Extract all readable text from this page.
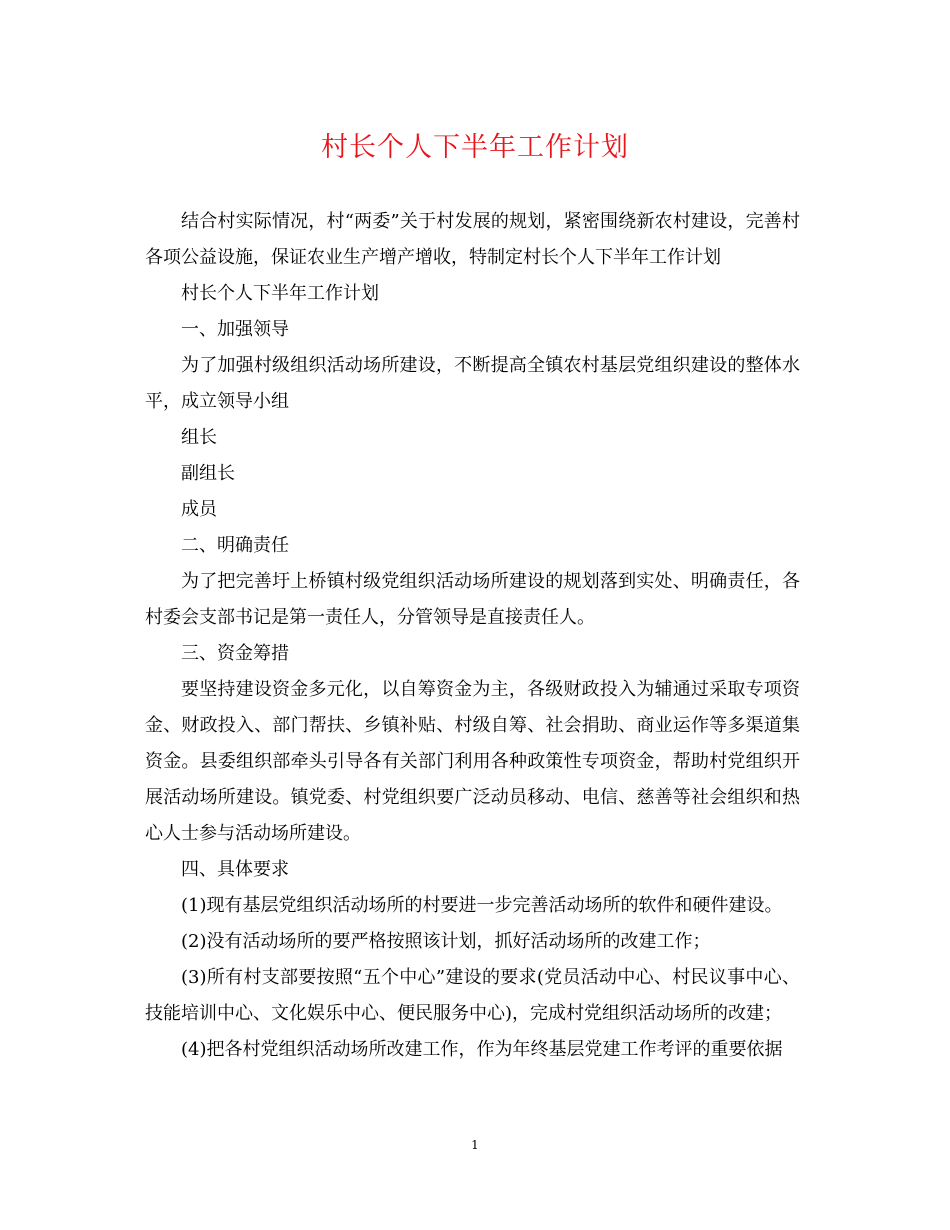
村长个人下半年工作计划

结合村实际情况，村“两委”关于村发展的规划，紧密围绕新农村建设，完善村各项公益设施，保证农业生产增产增收，特制定村长个人下半年工作计划

村长个人下半年工作计划

一、加强领导

为了加强村级组织活动场所建设，不断提高全镇农村基层党组织建设的整体水平，成立领导小组

组长

副组长

成员

二、明确责任

为了把完善圩上桥镇村级党组织活动场所建设的规划落到实处、明确责任，各村委会支部书记是第一责任人，分管领导是直接责任人。

三、资金筹措

要坚持建设资金多元化，以自筹资金为主，各级财政投入为辅通过采取专项资金、财政投入、部门帮扶、乡镇补贴、村级自筹、社会捐助、商业运作等多渠道集资金。县委组织部牵头引导各有关部门利用各种政策性专项资金，帮助村党组织开展活动场所建设。镇党委、村党组织要广泛动员移动、电信、慈善等社会组织和热心人士参与活动场所建设。

四、具体要求

(1)现有基层党组织活动场所的村要进一步完善活动场所的软件和硬件建设。

(2)没有活动场所的要严格按照该计划，抓好活动场所的改建工作；

(3)所有村支部要按照“五个中心”建设的要求(党员活动中心、村民议事中心、技能培训中心、文化娱乐中心、便民服务中心)，完成村党组织活动场所的改建；

(4)把各村党组织活动场所改建工作，作为年终基层党建工作考评的重要依据

1
